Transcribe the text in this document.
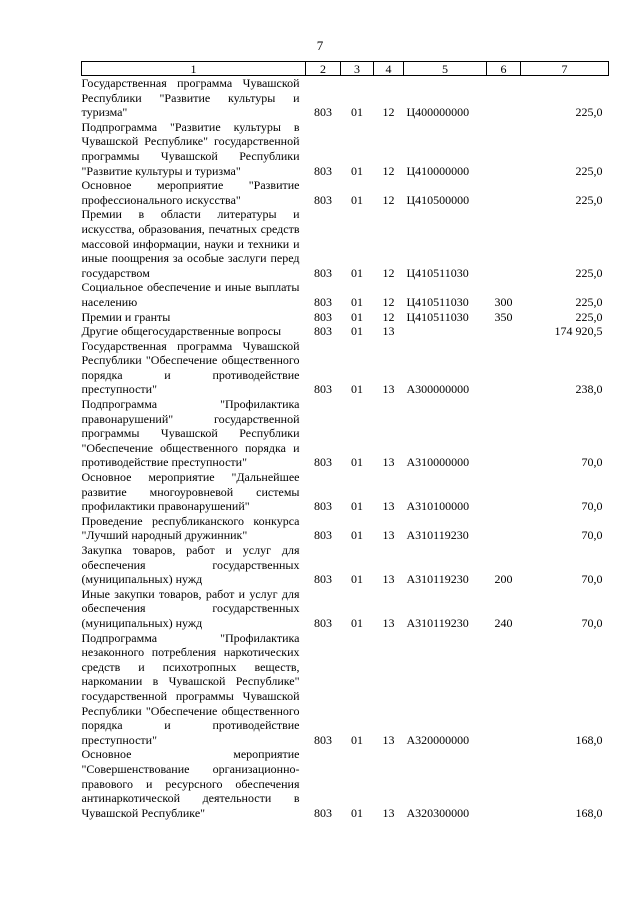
7
1	2	3	4	5	6	7
Государственная программа Чувашской Республики "Развитие культуры и туризма"	803	01	12	Ц400000000		225,0
Подпрограмма "Развитие культуры в Чувашской Республике" государственной программы Чувашской Республики "Развитие культуры и туризма"	803	01	12	Ц410000000		225,0
Основное мероприятие "Развитие профессионального искусства"	803	01	12	Ц410500000		225,0
Премии в области литературы и искусства, образования, печатных средств массовой информации, науки и техники и иные поощрения за особые заслуги перед государством	803	01	12	Ц410511030		225,0
Социальное обеспечение и иные выплаты населению	803	01	12	Ц410511030	300	225,0
Премии и гранты	803	01	12	Ц410511030	350	225,0
Другие общегосударственные вопросы	803	01	13			174 920,5
Государственная программа Чувашской Республики "Обеспечение общественного порядка и противодействие преступности"	803	01	13	А300000000		238,0
Подпрограмма "Профилактика правонарушений" государственной программы Чувашской Республики "Обеспечение общественного порядка и противодействие преступности"	803	01	13	А310000000		70,0
Основное мероприятие "Дальнейшее развитие многоуровневой системы профилактики правонарушений"	803	01	13	А310100000		70,0
Проведение республиканского конкурса "Лучший народный дружинник"	803	01	13	А310119230		70,0
Закупка товаров, работ и услуг для обеспечения государственных (муниципальных) нужд	803	01	13	А310119230	200	70,0
Иные закупки товаров, работ и услуг для обеспечения государственных (муниципальных) нужд	803	01	13	А310119230	240	70,0
Подпрограмма "Профилактика незаконного потребления наркотических средств и психотропных веществ, наркомании в Чувашской Республике" государственной программы Чувашской Республики "Обеспечение общественного порядка и противодействие преступности"	803	01	13	А320000000		168,0
Основное мероприятие "Совершенствование организационно-правового и ресурсного обеспечения антинаркотической деятельности в Чувашской Республике"	803	01	13	А320300000		168,0
